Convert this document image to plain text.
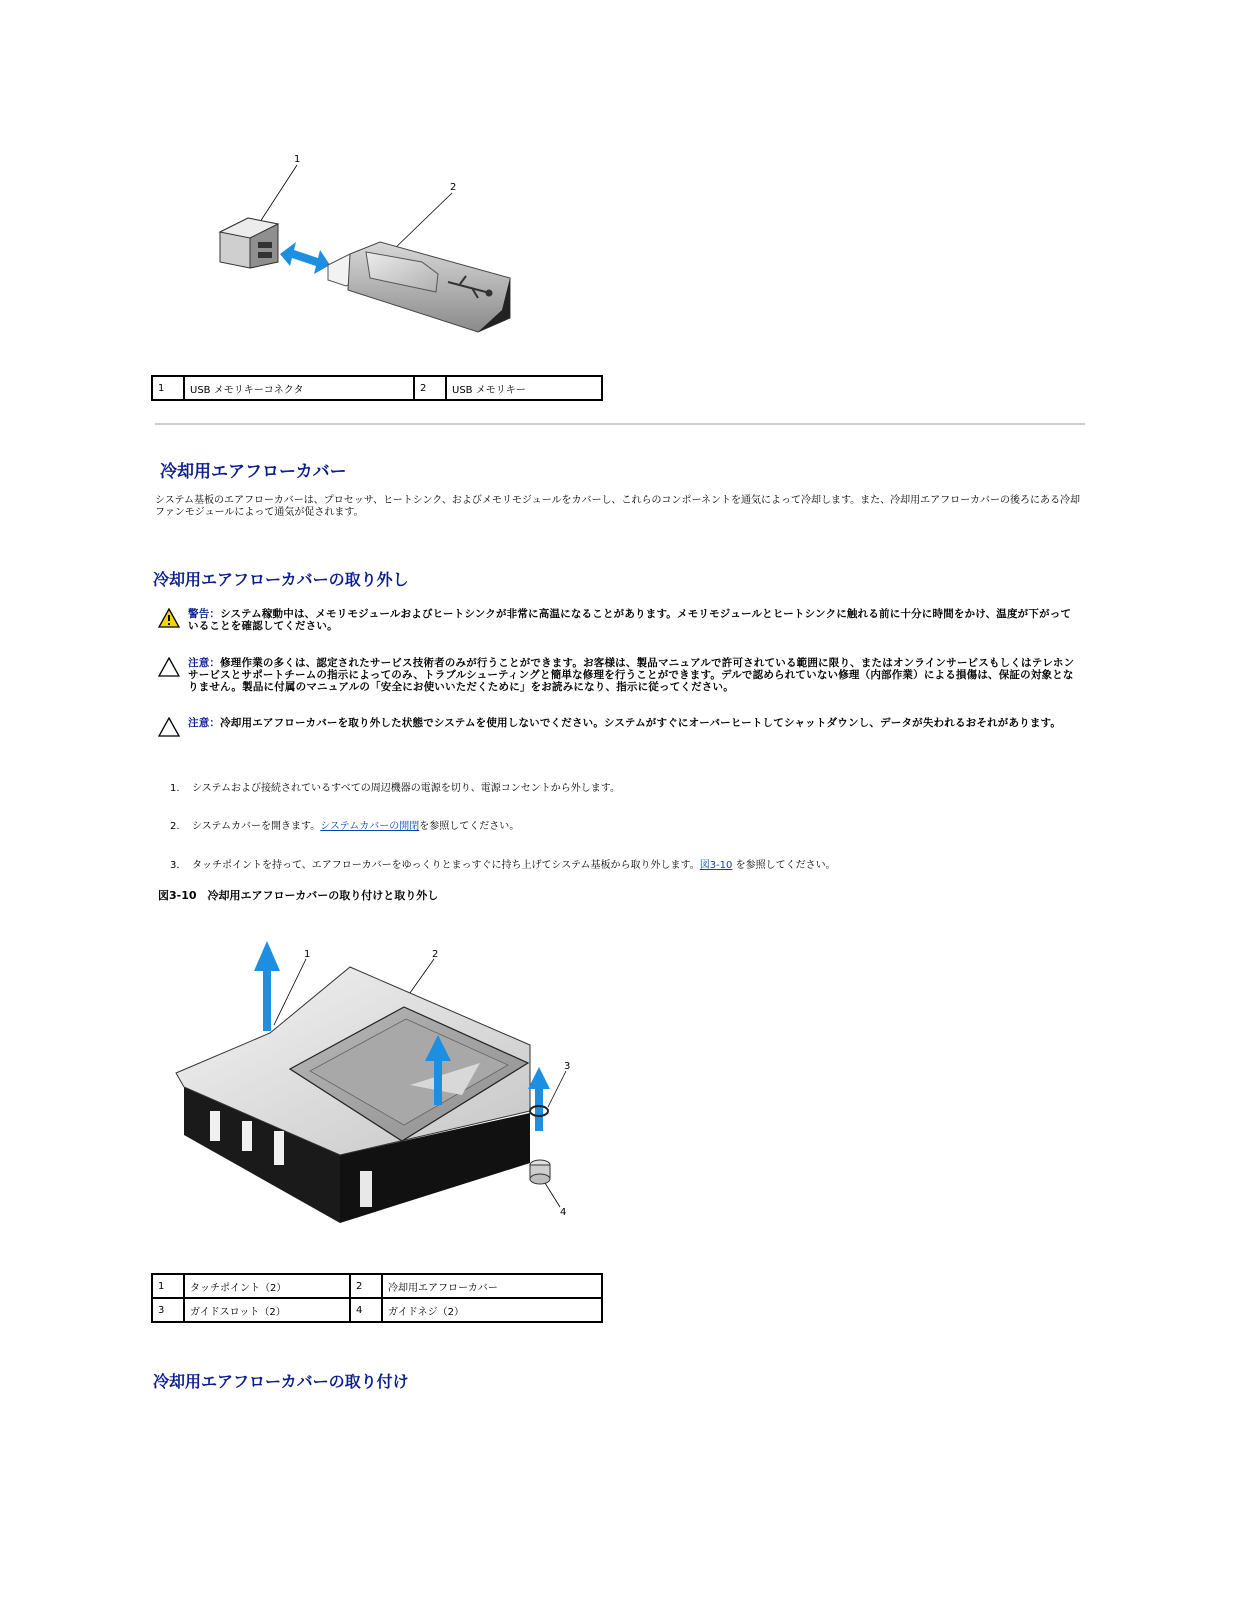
1
2
1	USB メモリキーコネクタ	2	USB メモリキー
冷却用エアフローカバー

システム基板のエアフローカバーは、プロセッサ、ヒートシンク、およびメモリモジュールをカバーし、これらのコンポーネントを通気によって冷却します。また、冷却用エアフローカバーの後ろにある冷却ファンモジュールによって通気が促されます。

冷却用エアフローカバーの取り外し
警告：システム稼動中は、メモリモジュールおよびヒートシンクが非常に高温になることがあります。メモリモジュールとヒートシンクに触れる前に十分に時間をかけ、温度が下がっていることを確認してください。
注意：修理作業の多くは、認定されたサービス技術者のみが行うことができます。お客様は、製品マニュアルで許可されている範囲に限り、またはオンラインサービスもしくはテレホンサービスとサポートチームの指示によってのみ、トラブルシューティングと簡単な修理を行うことができます。デルで認められていない修理（内部作業）による損傷は、保証の対象となりません。製品に付属のマニュアルの「安全にお使いいただくために」をお読みになり、指示に従ってください。
注意：冷却用エアフローカバーを取り外した状態でシステムを使用しないでください。システムがすぐにオーバーヒートしてシャットダウンし、データが失われるおそれがあります。
1. システムおよび接続されているすべての周辺機器の電源を切り、電源コンセントから外します。
2. システムカバーを開きます。システムカバーの開閉を参照してください。
3. タッチポイントを持って、エアフローカバーをゆっくりとまっすぐに持ち上げてシステム基板から取り外します。図3-10 を参照してください。
図3-10　冷却用エアフローカバーの取り付けと取り外し
1	2
3
4
1	タッチポイント（2）	2	冷却用エアフローカバー
3	ガイドスロット（2）	4	ガイドネジ（2）
冷却用エアフローカバーの取り付け
